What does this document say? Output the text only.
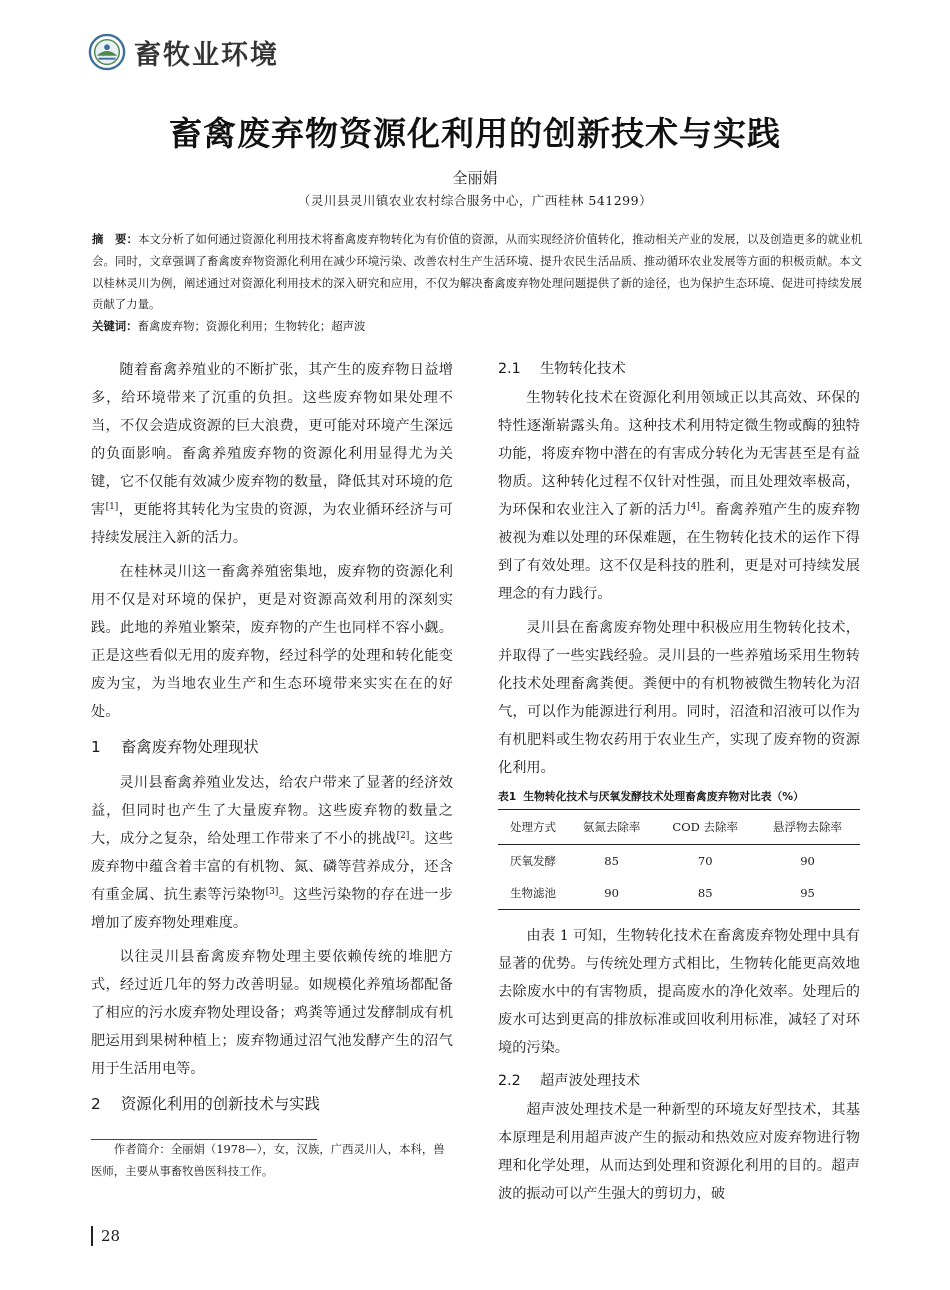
畜牧业环境
畜禽废弃物资源化利用的创新技术与实践
全丽娟
（灵川县灵川镇农业农村综合服务中心，广西桂林 541299）
摘　要：本文分析了如何通过资源化利用技术将畜禽废弃物转化为有价值的资源，从而实现经济价值转化，推动相关产业的发展，以及创造更多的就业机会。同时，文章强调了畜禽废弃物资源化利用在减少环境污染、改善农村生产生活环境、提升农民生活品质、推动循环农业发展等方面的积极贡献。本文以桂林灵川为例，阐述通过对资源化利用技术的深入研究和应用，不仅为解决畜禽废弃物处理问题提供了新的途径，也为保护生态环境、促进可持续发展贡献了力量。
关键词：畜禽废弃物；资源化利用；生物转化；超声波

随着畜禽养殖业的不断扩张，其产生的废弃物日益增多，给环境带来了沉重的负担。这些废弃物如果处理不当，不仅会造成资源的巨大浪费，更可能对环境产生深远的负面影响。畜禽养殖废弃物的资源化利用显得尤为关键，它不仅能有效减少废弃物的数量，降低其对环境的危害[1]，更能将其转化为宝贵的资源，为农业循环经济与可持续发展注入新的活力。

在桂林灵川这一畜禽养殖密集地，废弃物的资源化利用不仅是对环境的保护，更是对资源高效利用的深刻实践。此地的养殖业繁荣，废弃物的产生也同样不容小觑。正是这些看似无用的废弃物，经过科学的处理和转化能变废为宝，为当地农业生产和生态环境带来实实在在的好处。

1 畜禽废弃物处理现状

灵川县畜禽养殖业发达，给农户带来了显著的经济效益，但同时也产生了大量废弃物。这些废弃物的数量之大，成分之复杂，给处理工作带来了不小的挑战[2]。这些废弃物中蕴含着丰富的有机物、氮、磷等营养成分，还含有重金属、抗生素等污染物[3]。这些污染物的存在进一步增加了废弃物处理难度。

以往灵川县畜禽废弃物处理主要依赖传统的堆肥方式，经过近几年的努力改善明显。如规模化养殖场都配备了相应的污水废弃物处理设备；鸡粪等通过发酵制成有机肥运用到果树种植上；废弃物通过沼气池发酵产生的沼气用于生活用电等。

2 资源化利用的创新技术与实践
作者简介：全丽娟（1978—），女，汉族，广西灵川人，本科，兽医师，主要从事畜牧兽医科技工作。
2.1 生物转化技术

生物转化技术在资源化利用领域正以其高效、环保的特性逐渐崭露头角。这种技术利用特定微生物或酶的独特功能，将废弃物中潜在的有害成分转化为无害甚至是有益物质。这种转化过程不仅针对性强，而且处理效率极高，为环保和农业注入了新的活力[4]。畜禽养殖产生的废弃物被视为难以处理的环保难题，在生物转化技术的运作下得到了有效处理。这不仅是科技的胜利，更是对可持续发展理念的有力践行。

灵川县在畜禽废弃物处理中积极应用生物转化技术，并取得了一些实践经验。灵川县的一些养殖场采用生物转化技术处理畜禽粪便。粪便中的有机物被微生物转化为沼气，可以作为能源进行利用。同时，沼渣和沼液可以作为有机肥料或生物农药用于农业生产，实现了废弃物的资源化利用。

表1 生物转化技术与厌氧发酵技术处理畜禽废弃物对比表（%）
处理方式	氨氮去除率	COD 去除率	悬浮物去除率
厌氧发酵	85	70	90
生物滤池	90	85	95

由表 1 可知，生物转化技术在畜禽废弃物处理中具有显著的优势。与传统处理方式相比，生物转化能更高效地去除废水中的有害物质，提高废水的净化效率。处理后的废水可达到更高的排放标准或回收利用标准，减轻了对环境的污染。

2.2 超声波处理技术

超声波处理技术是一种新型的环境友好型技术，其基本原理是利用超声波产生的振动和热效应对废弃物进行物理和化学处理，从而达到处理和资源化利用的目的。超声波的振动可以产生强大的剪切力，破

28
